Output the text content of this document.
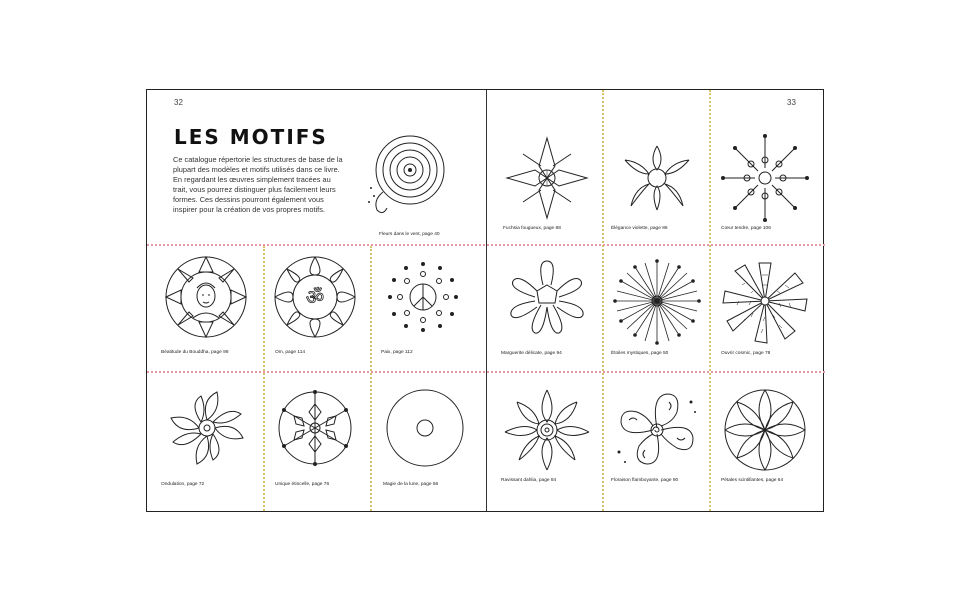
32	33
LES MOTIFS
Ce catalogue répertorie les structures de base de la plupart des modèles et motifs utilisés dans ce livre. En regardant les œuvres simplement tracées au trait, vous pourrez distinguer plus facilement leurs formes. Ces dessins pourront également vous inspirer pour la création de vos propres motifs.
Fleurs dans le vent, page 40
Béatitude du Bouddha, page 98
ॐ
Om, page 114	Paix, page 112
Ondulation, page 72	Unique étincelle, page 76	Magie de la lune, page 56
Fuchsia fougueux, page 88	Élégance violette, page 86	Cœur tendre, page 106
Marguerite délicate, page 94	Étoiles mystiques, page 50	Ouvrir cosmic, page 78
Ravissant dahlia, page 84	Floraison flamboyante, page 90	Pétales scintillantes, page 64
